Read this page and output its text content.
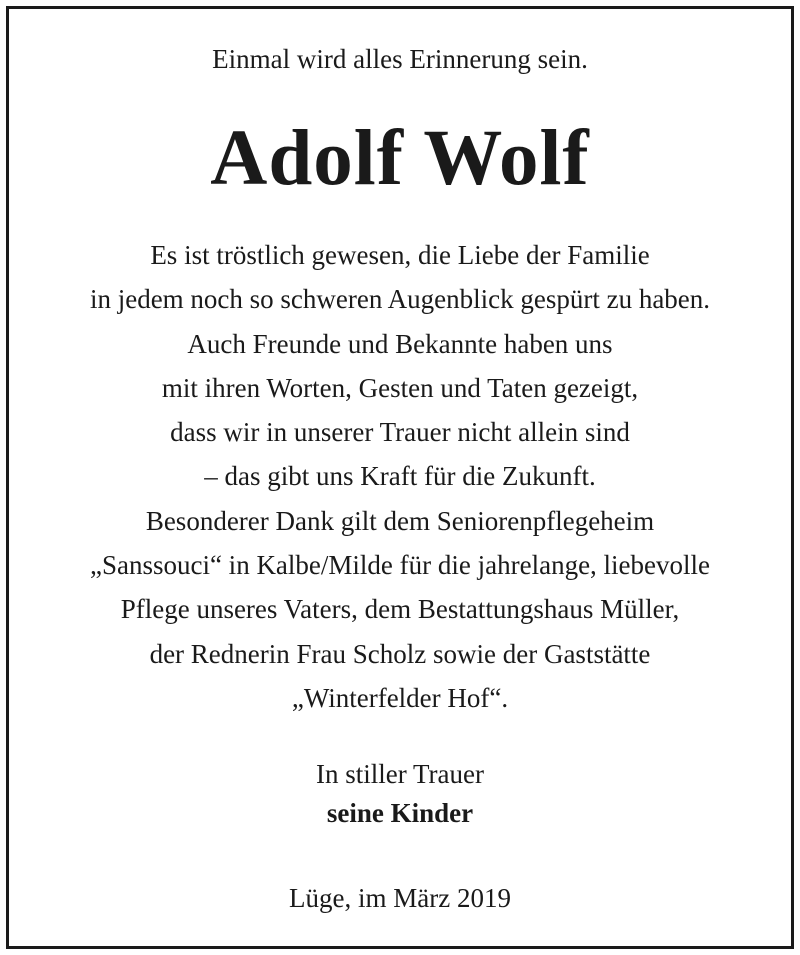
Einmal wird alles Erinnerung sein.
Adolf Wolf
Es ist tröstlich gewesen, die Liebe der Familie
in jedem noch so schweren Augenblick gespürt zu haben.
Auch Freunde und Bekannte haben uns
mit ihren Worten, Gesten und Taten gezeigt,
dass wir in unserer Trauer nicht allein sind
– das gibt uns Kraft für die Zukunft.
Besonderer Dank gilt dem Seniorenpflegeheim
„Sanssouci“ in Kalbe/Milde für die jahrelange, liebevolle
Pflege unseres Vaters, dem Bestattungshaus Müller,
der Rednerin Frau Scholz sowie der Gaststätte
„Winterfelder Hof“.
In stiller Trauer
seine Kinder
Lüge, im März 2019
